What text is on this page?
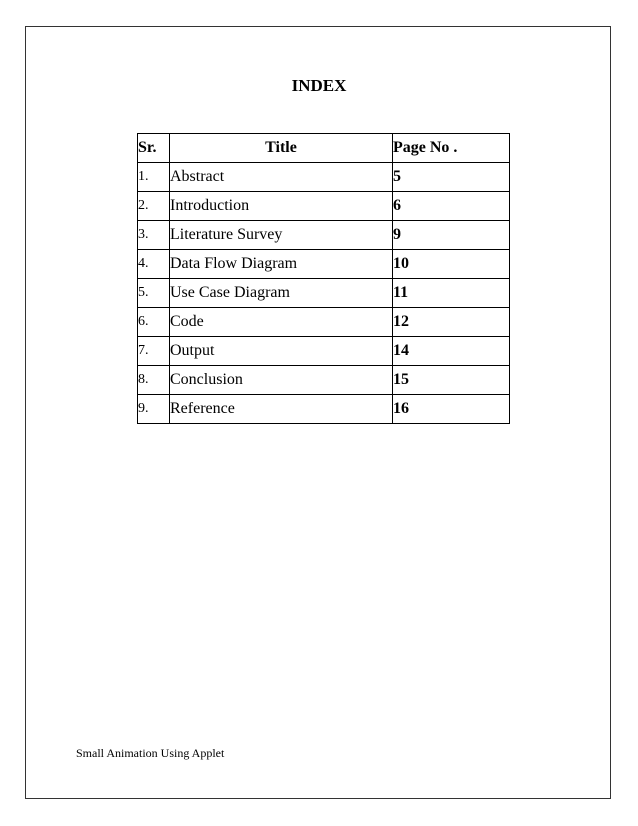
INDEX
Sr.	Title	Page No .
1.	Abstract	5
2.	Introduction	6
3.	Literature Survey	9
4.	Data Flow Diagram	10
5.	Use Case Diagram	11
6.	Code	12
7.	Output	14
8.	Conclusion	15
9.	Reference	16
Small Animation Using Applet
